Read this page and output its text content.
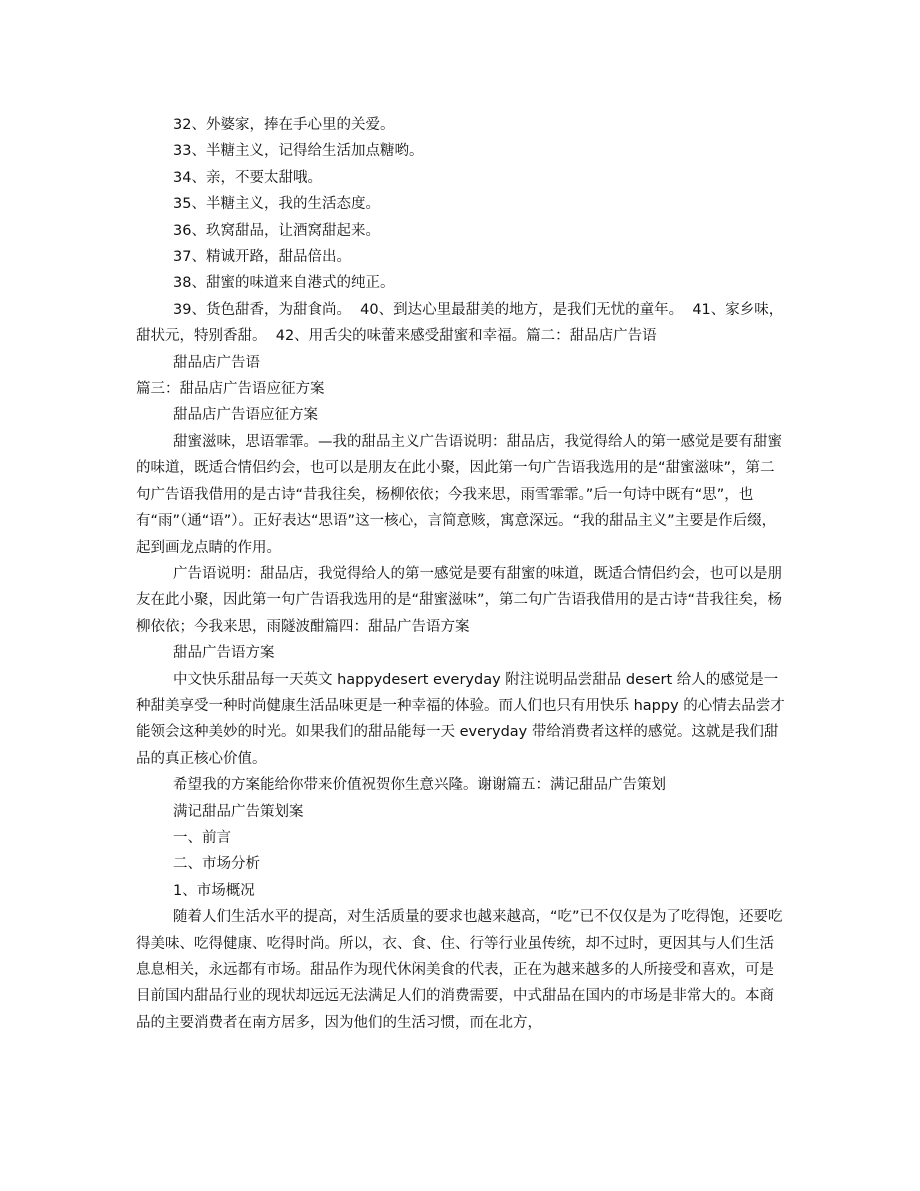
32、外婆家，捧在手心里的关爱。

33、半糖主义，记得给生活加点糖哟。

34、亲，不要太甜哦。

35、半糖主义，我的生活态度。

36、玖窝甜品，让酒窝甜起来。

37、精诚开路，甜品倍出。

38、甜蜜的味道来自港式的纯正。

39、货色甜香，为甜食尚。  40、到达心里最甜美的地方，是我们无忧的童年。  41、家乡味，甜状元，特别香甜。  42、用舌尖的味蕾来感受甜蜜和幸福。篇二：甜品店广告语

甜品店广告语

篇三：甜品店广告语应征方案

甜品店广告语应征方案

甜蜜滋味，思语霏霏。—我的甜品主义广告语说明：甜品店，我觉得给人的第一感觉是要有甜蜜的味道，既适合情侣约会，也可以是朋友在此小聚，因此第一句广告语我选用的是“甜蜜滋味”，第二句广告语我借用的是古诗“昔我往矣，杨柳依依；今我来思，雨雪霏霏。”后一句诗中既有“思”，也有“雨”（通“语”）。正好表达“思语”这一核心，言简意赅，寓意深远。“我的甜品主义”主要是作后缀，起到画龙点睛的作用。

广告语说明：甜品店，我觉得给人的第一感觉是要有甜蜜的味道，既适合情侣约会，也可以是朋友在此小聚，因此第一句广告语我选用的是“甜蜜滋味”，第二句广告语我借用的是古诗“昔我往矣，杨柳依依；今我来思，雨隧波酣篇四：甜品广告语方案

甜品广告语方案

中文快乐甜品每一天英文 happydesert everyday 附注说明品尝甜品 desert 给人的感觉是一种甜美享受一种时尚健康生活品味更是一种幸福的体验。而人们也只有用快乐 happy 的心情去品尝才能领会这种美妙的时光。如果我们的甜品能每一天 everyday 带给消费者这样的感觉。这就是我们甜品的真正核心价值。

希望我的方案能给你带来价值祝贺你生意兴隆。谢谢篇五：满记甜品广告策划

满记甜品广告策划案

一、前言

二、市场分析

1、市场概况

随着人们生活水平的提高，对生活质量的要求也越来越高，“吃”已不仅仅是为了吃得饱，还要吃得美味、吃得健康、吃得时尚。所以，衣、食、住、行等行业虽传统，却不过时，更因其与人们生活息息相关，永远都有市场。甜品作为现代休闲美食的代表，正在为越来越多的人所接受和喜欢，可是目前国内甜品行业的现状却远远无法满足人们的消费需要，中式甜品在国内的市场是非常大的。本商品的主要消费者在南方居多，因为他们的生活习惯，而在北方，
